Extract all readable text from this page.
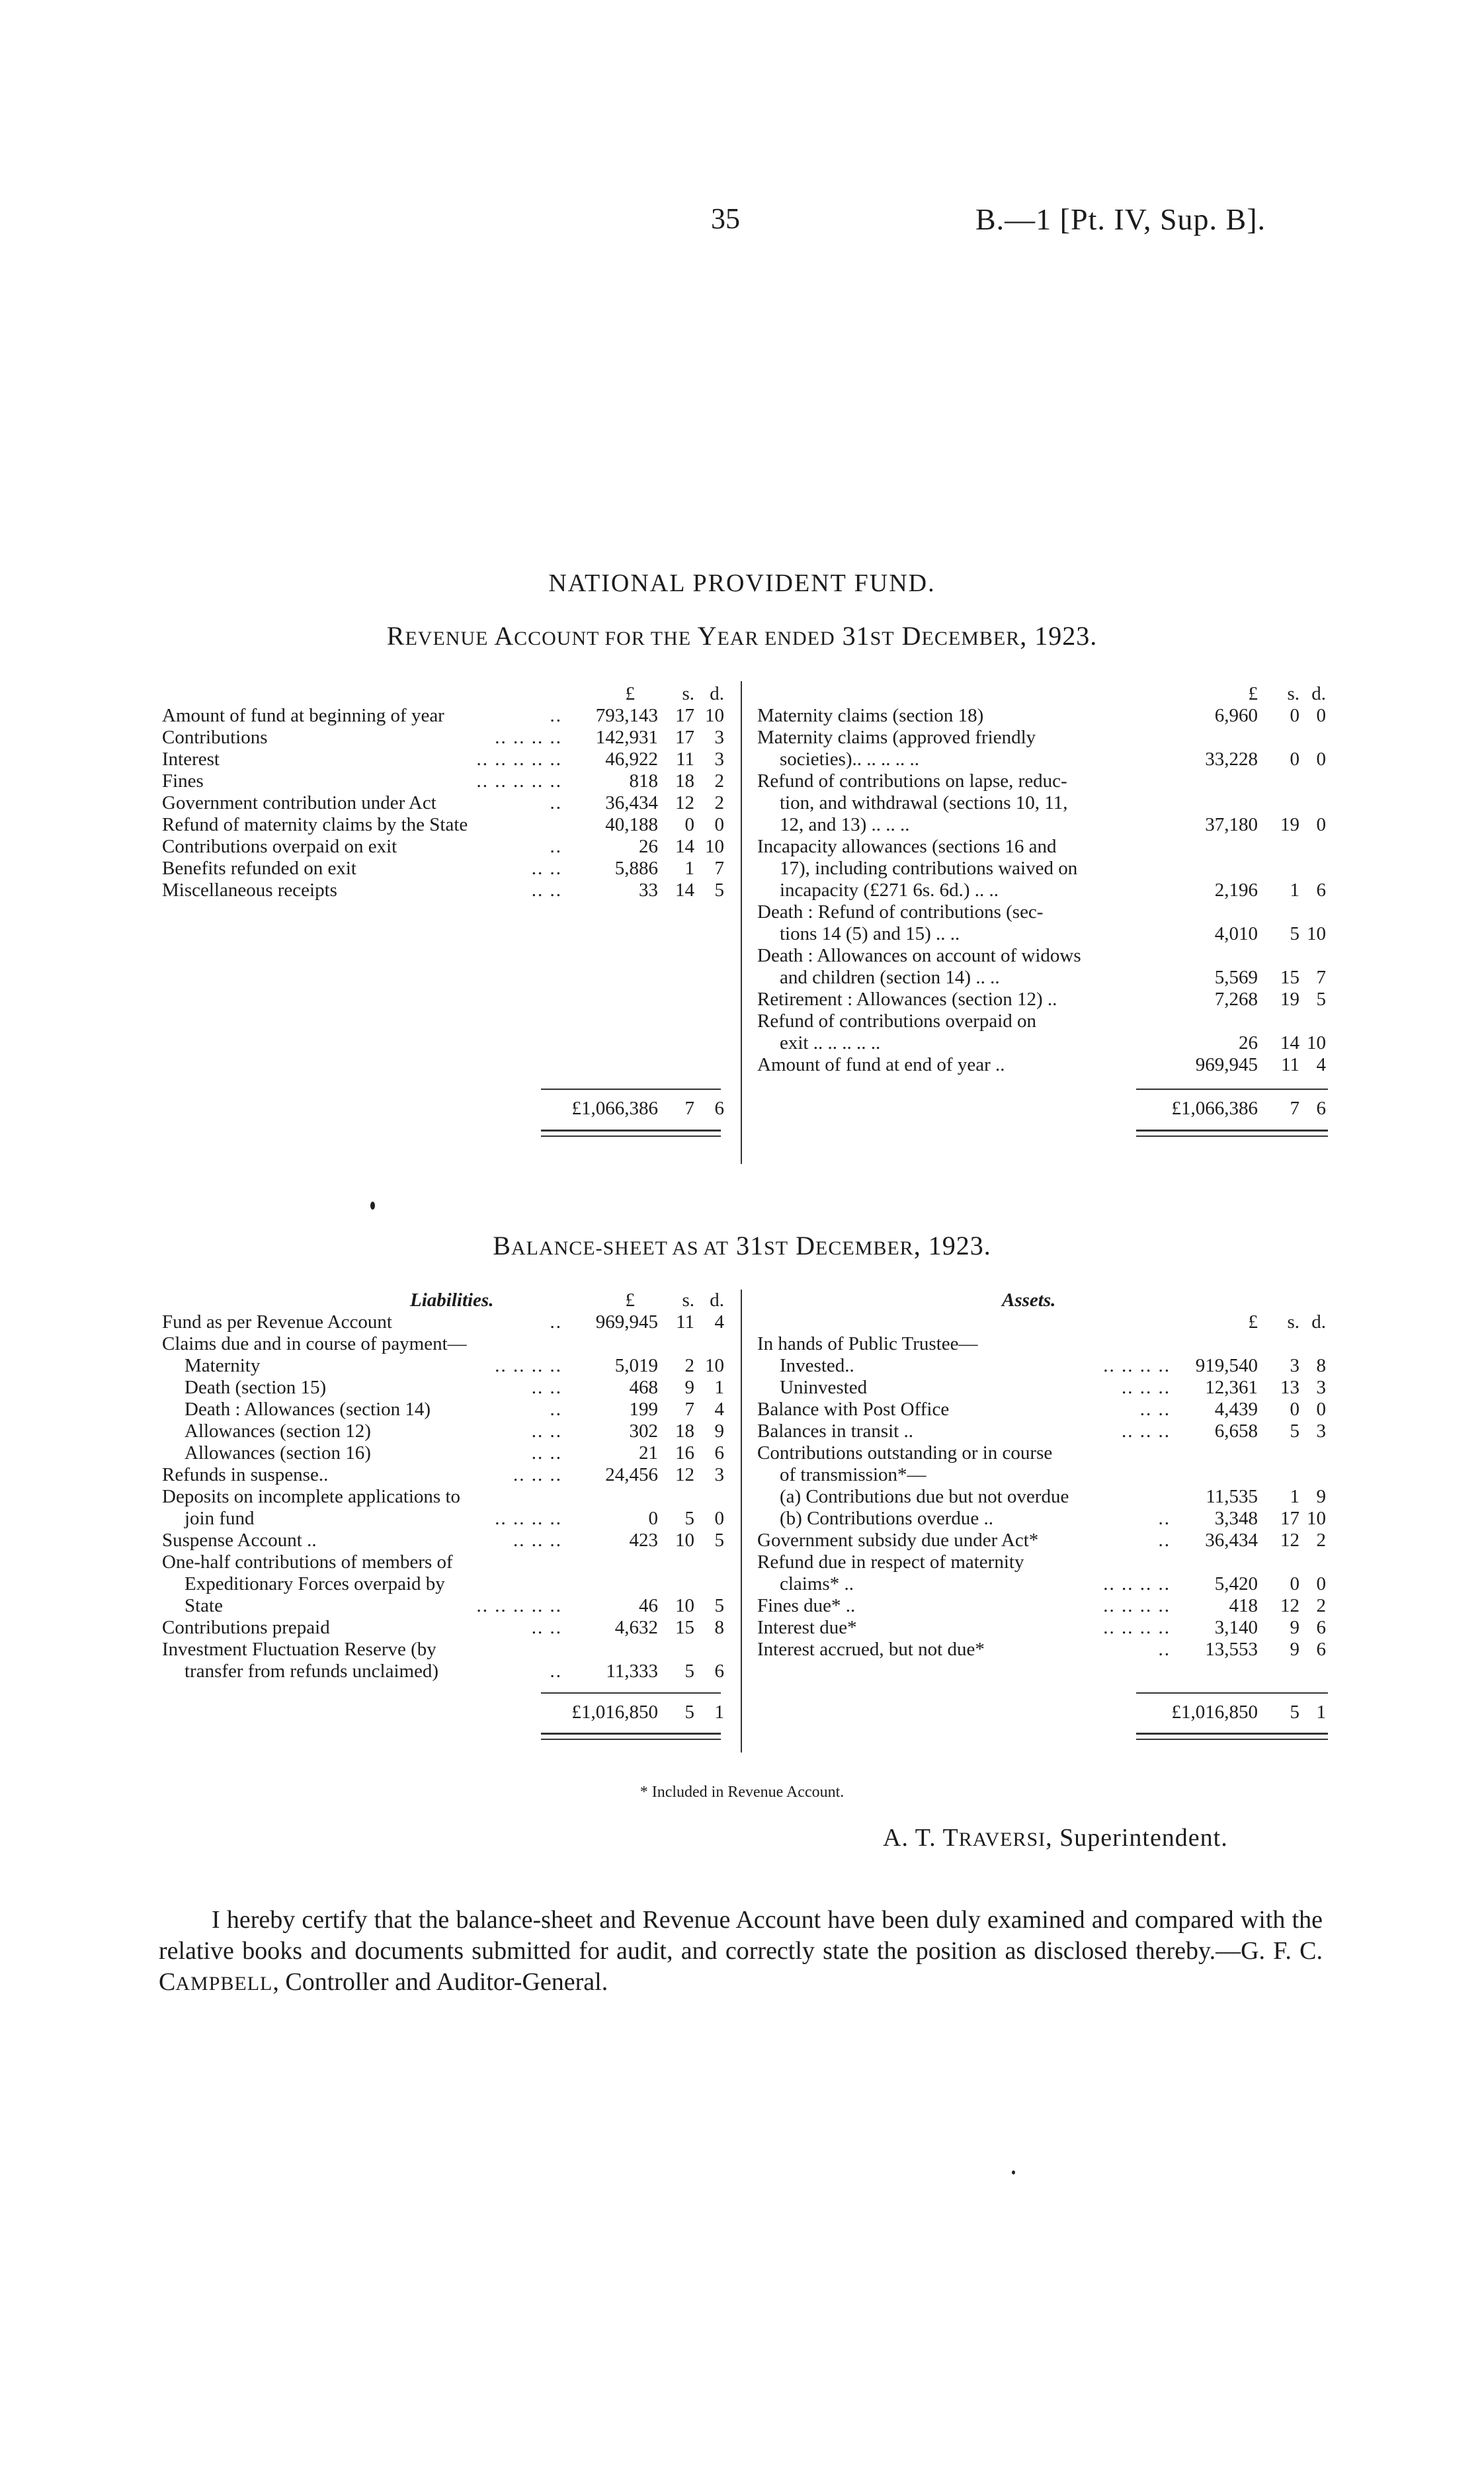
35	B.—1 [Pt. IV, Sup. B].
NATIONAL PROVIDENT FUND.
REVENUE ACCOUNT FOR THE YEAR ENDED 31ST DECEMBER, 1923.
£ s. d.
Amount of fund at beginning of year	.. 793,143 17 10
Contributions	.. .. .. .. 142,931 17 3
Interest	.. .. .. .. .. 46,922 11 3
Fines	.. .. .. .. ..	818 18 2
Government contribution under Act	.. 36,434 12 2
Refund of maternity claims by the State	40,188 0 0
Contributions overpaid on exit	..	26 14 10
Benefits refunded on exit	.. ..	5,886 1 7
Miscellaneous receipts	.. ..	33 14 5
£ s. d.
Maternity claims (section 18)	6,960 0 0
Maternity claims (approved friendly
societies).. .. .. .. ..	33,228 0 0
Refund of contributions on lapse, reduc-
tion, and withdrawal (sections 10, 11,
12, and 13) .. .. ..	37,180 19 0
Incapacity allowances (sections 16 and
17), including contributions waived on
incapacity (£271 6s. 6d.) .. ..	2,196 1 6
Death : Refund of contributions (sec-
tions 14 (5) and 15) .. ..	4,010 5 10
Death : Allowances on account of widows
and children (section 14) .. ..	5,569 15 7
Retirement : Allowances (section 12) ..	7,268 19 5
Refund of contributions overpaid on
exit .. .. .. .. ..	26 14 10
Amount of fund at end of year ..	969,945 11 4
£1,066,386 7 6	£1,066,386 7 6
BALANCE-SHEET AS AT 31ST DECEMBER, 1923.
Liabilities.	£ s. d.
Fund as per Revenue Account	.. 969,945 11 4
Claims due and in course of payment—
Maternity	.. .. .. ..	5,019 2 10
Death (section 15)	.. ..	468 9 1
Death : Allowances (section 14)	..	199 7 4
Allowances (section 12)	.. ..	302 18 9
Allowances (section 16)	.. ..	21 16 6
Refunds in suspense..	.. .. .. 24,456 12 3
Deposits on incomplete applications to
join fund	.. .. .. ..	0 5 0
Suspense Account ..	.. .. ..	423 10 5
One-half contributions of members of
Expeditionary Forces overpaid by
State	.. .. .. .. ..	46 10 5
Contributions prepaid	.. ..	4,632 15 8
Investment Fluctuation Reserve (by
transfer from refunds unclaimed)	.. 11,333 5 6
Assets.
£ s. d.
In hands of Public Trustee—
Invested..	.. .. .. .. 919,540 3 8
Uninvested	.. .. .. 12,361 13 3
Balance with Post Office	.. .. 4,439 0 0
Balances in transit ..	.. .. .. 6,658 5 3
Contributions outstanding or in course
of transmission*—
(a) Contributions due but not overdue	11,535 1 9
(b) Contributions overdue ..	.. 3,348 17 10
Government subsidy due under Act*	.. 36,434 12 2
Refund due in respect of maternity
claims* ..	.. .. .. .. 5,420 0 0
Fines due* ..	.. .. .. ..	418 12 2
Interest due*	.. .. .. .. 3,140 9 6
Interest accrued, but not due*	.. 13,553 9 6
£1,016,850 5 1	£1,016,850 5 1
* Included in Revenue Account.
A. T. TRAVERSI, Superintendent.
I hereby certify that the balance-sheet and Revenue Account have been duly examined and compared with the relative books and documents submitted for audit, and correctly state the position as disclosed thereby.—G. F. C. CAMPBELL, Controller and Auditor-General.
